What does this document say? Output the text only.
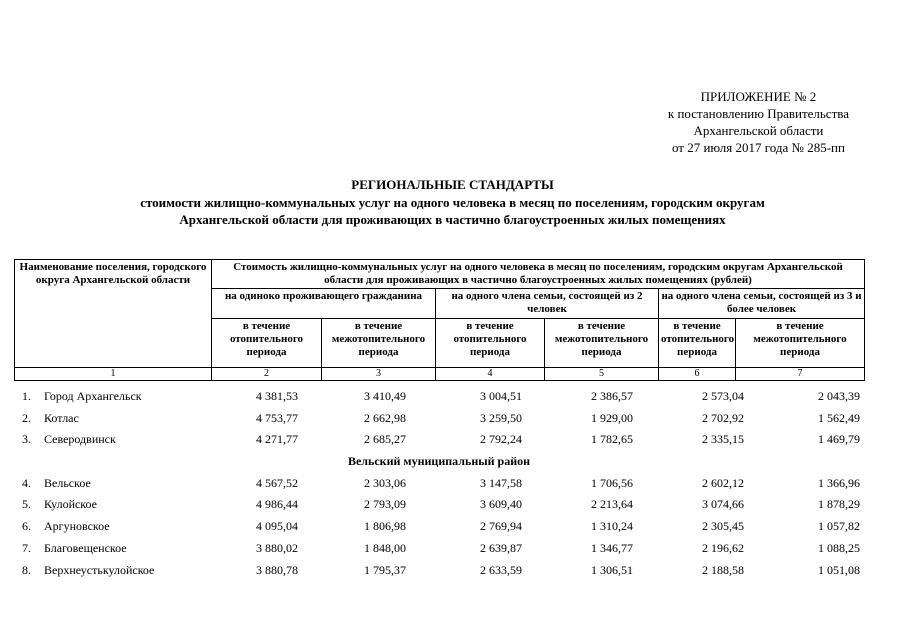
ПРИЛОЖЕНИЕ № 2
к постановлению Правительства
Архангельской области
от 27 июля 2017 года № 285-пп
РЕГИОНАЛЬНЫЕ СТАНДАРТЫ
стоимости жилищно-коммунальных услуг на одного человека в месяц по поселениям, городским округам
Архангельской области для проживающих в частично благоустроенных жилых помещениях
Наименование поселения, городского округа Архангельской области	Стоимость жилищно-коммунальных услуг на одного человека в месяц по поселениям, городским округам Архангельской области для проживающих в частично благоустроенных жилых помещениях (рублей)					
	на одиноко проживающего гражданина		на одного члена семьи, состоящей из 2 человек		на одного члена семьи, состоящей из 3 и более человек	
	в течение отопительного периода	в течение межотопительного периода	в течение отопительного периода	в течение межотопительного периода	в течение отопительного периода	в течение межотопительного периода
1	2	3	4	5	6	7
1. Город Архангельск	4 381,53	3 410,49	3 004,51	2 386,57	2 573,04	2 043,39
2. Котлас	4 753,77	2 662,98	3 259,50	1 929,00	2 702,92	1 562,49
3. Северодвинск	4 271,77	2 685,27	2 792,24	1 782,65	2 335,15	1 469,79
Вельский муниципальный район
4. Вельское	4 567,52	2 303,06	3 147,58	1 706,56	2 602,12	1 366,96
5. Кулойское	4 986,44	2 793,09	3 609,40	2 213,64	3 074,66	1 878,29
6. Аргуновское	4 095,04	1 806,98	2 769,94	1 310,24	2 305,45	1 057,82
7. Благовещенское	3 880,02	1 848,00	2 639,87	1 346,77	2 196,62	1 088,25
8. Верхнеустькулойское	3 880,78	1 795,37	2 633,59	1 306,51	2 188,58	1 051,08
